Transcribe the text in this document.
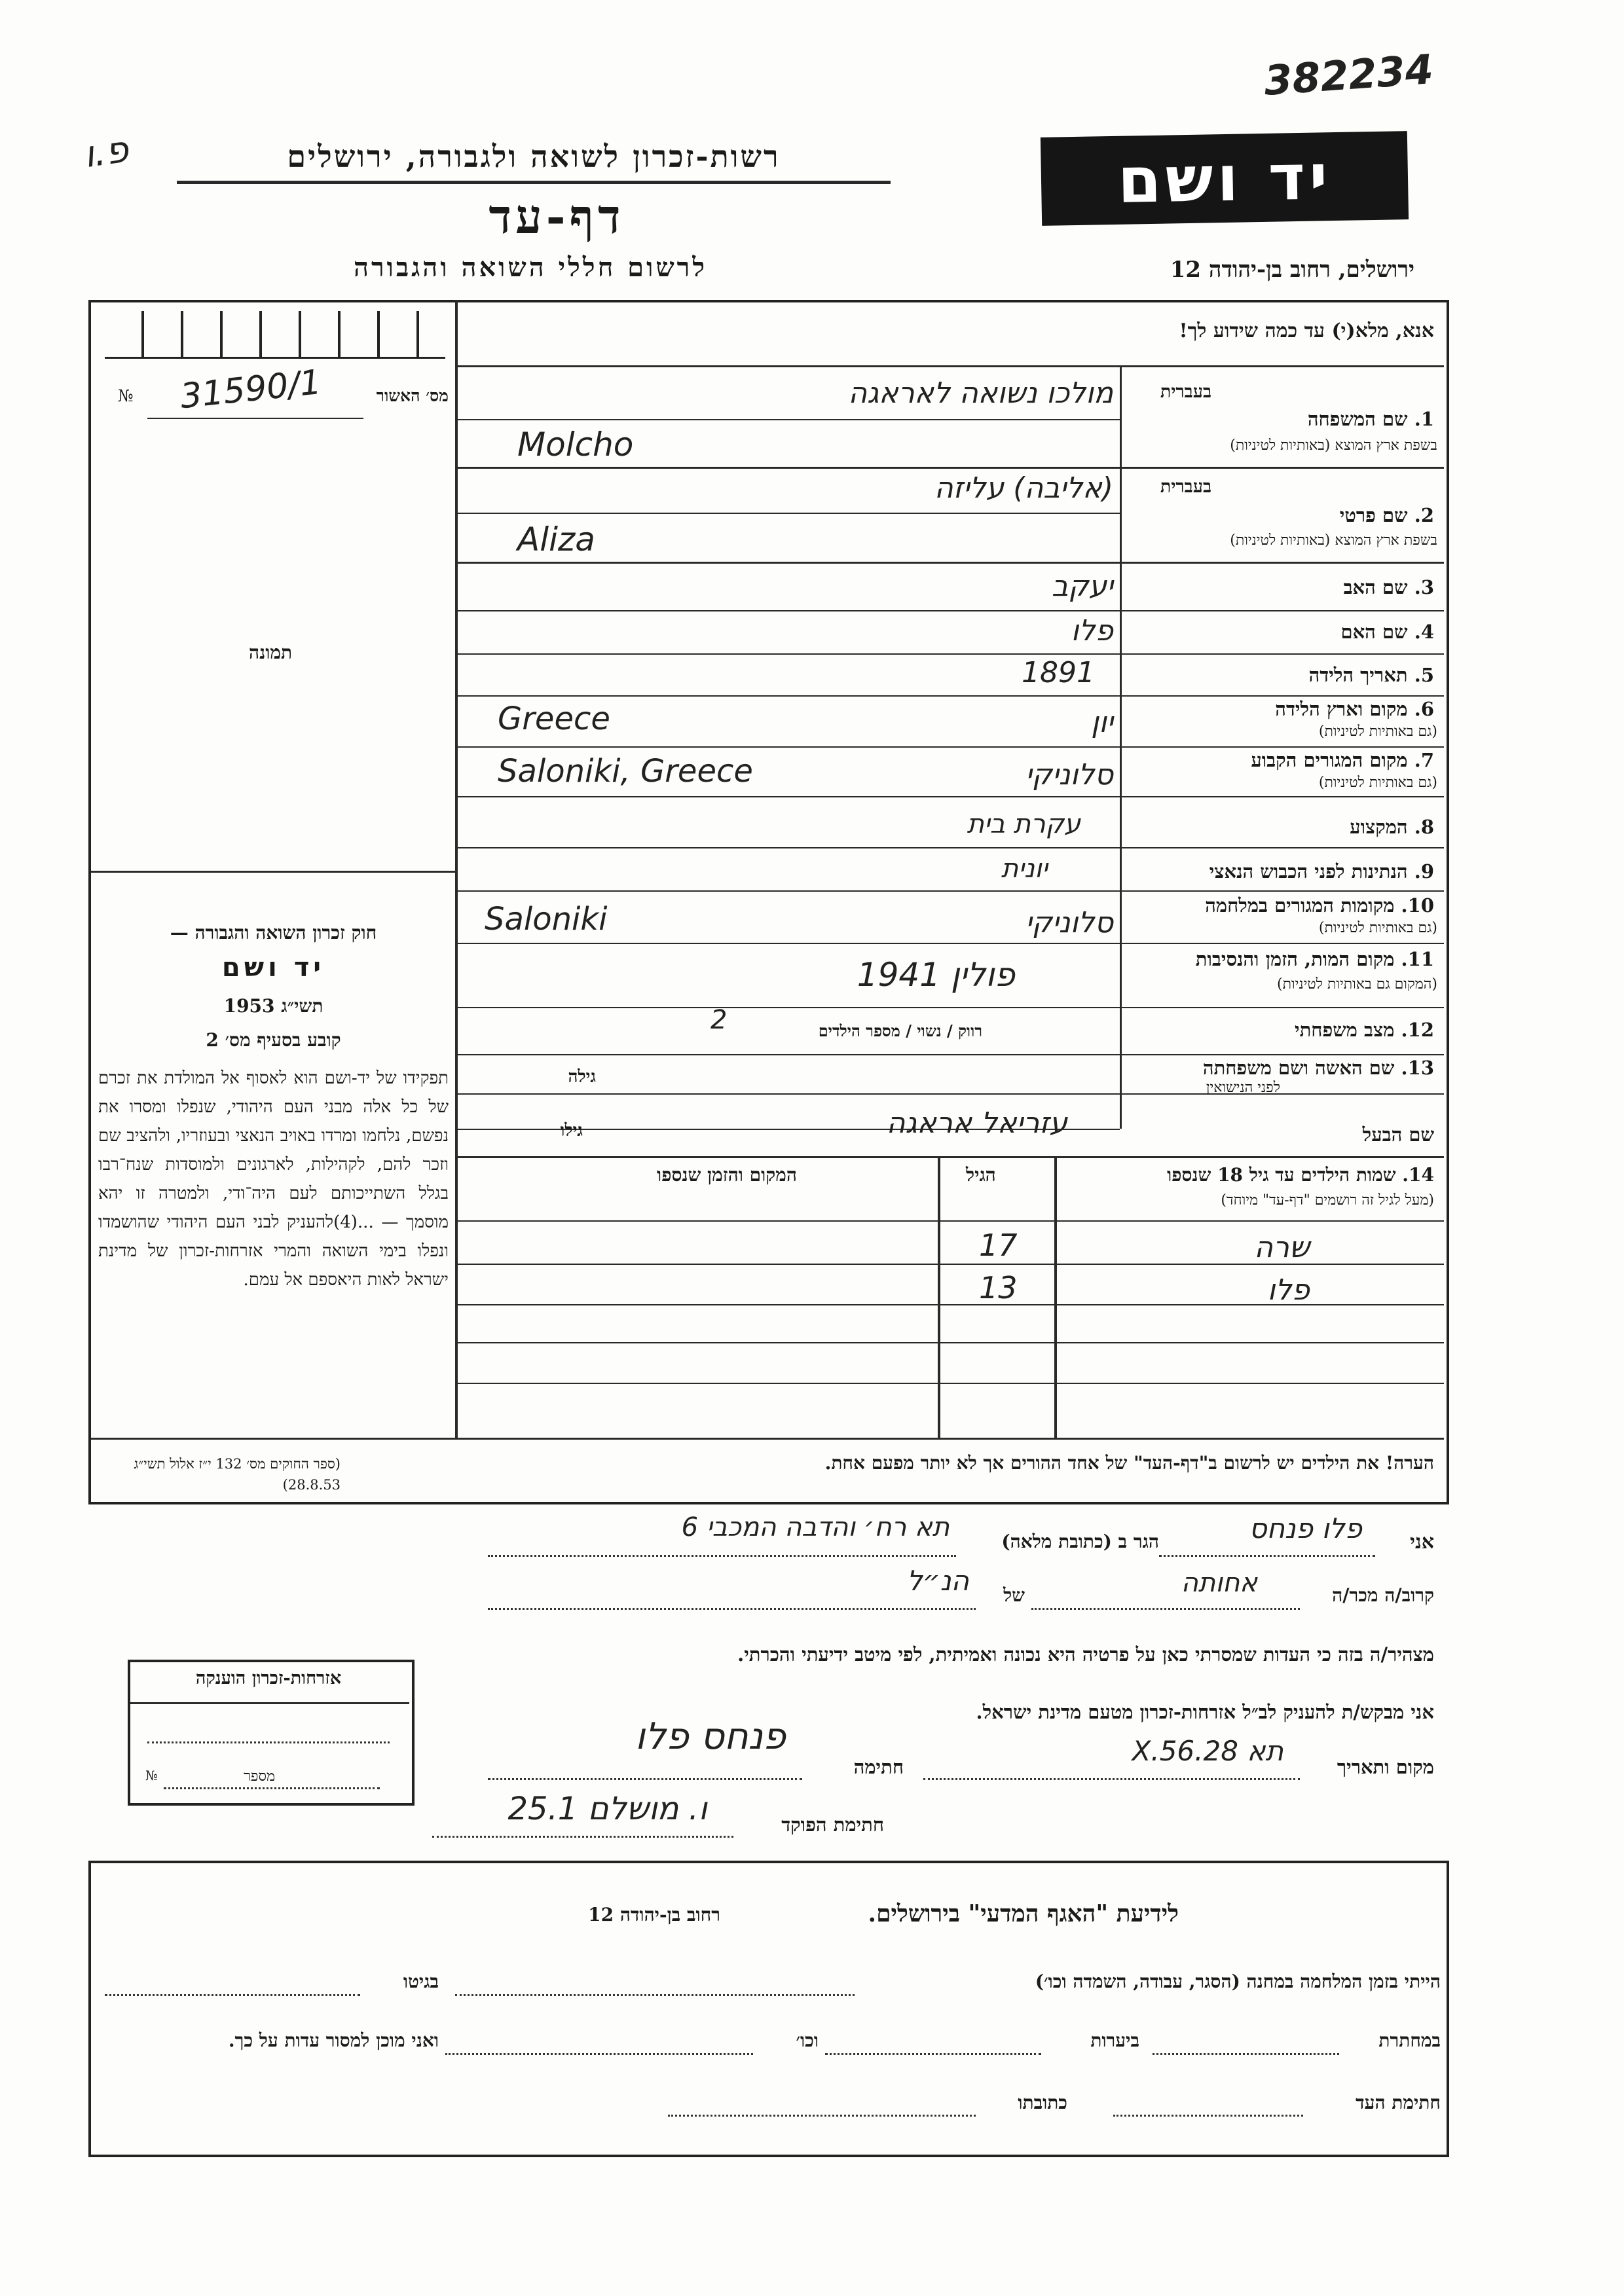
382234
פ.ו	יד ושם
רשות-זכרון לשואה ולגבורה, ירושלים
דף-עד
לרשום חללי השואה והגבורה	ירושלים, רחוב בן-יהודה 12
אנא, מלא(י) עד כמה שידוע לך!
מס׳ האשור
№ 31590/1
תמונה
בעברית
1. שם המשפחה
בשפת ארץ המוצא (באותיות לטיניות)
מולכו נשואה לאראגה
Molcho
בעברית
2. שם פרטי
בשפת ארץ המוצא (באותיות לטיניות)
(אליבה) עליזה
Aliza
3. שם האב
יעקב
4. שם האם
פלו
5. תאריך הלידה
1891
6. מקום וארץ הלידה
(גם באותיות לטיניות)
יון
Greece
7. מקום המגורים הקבוע
(גם באותיות לטיניות)
סלוניקי
Saloniki, Greece
8. המקצוע
עקרת בית
9. הנתינות לפני הכבוש הנאצי
יונית
10. מקומות המגורים במלחמה
(גם באותיות לטיניות)
סלוניקי
Saloniki
11. מקום המות, הזמן והנסיבות
(המקום גם באותיות לטיניות)
פולין 1941
12. מצב משפחתי
רווק / נשוי / מספר הילדים
2
13. שם האשה ושם משפחתה
לפני הנישואין
גילה
שם הבעל
עזריאל אראגה
גילו
14. שמות הילדים עד גיל 18 שנספו
(מעל לגיל זה רושמים "דף-עד" מיוחד)
הגיל
המקום והזמן שנספו
שרה
17
פלו
13
חוק זכרון השואה והגבורה —
יד ושם
תשי״ג 1953
קובע בסעיף מס׳ 2
תפקידו של יד-ושם הוא לאסוף אל המולדת את זכרם של כל אלה מבני העם היהודי, שנפלו ומסרו את נפשם, נלחמו ומרדו באויב הנאצי ובעוזריו, ולהציב שם וזכר להם, לקהילות, לארגונים ולמוסדות שנח־רבו בגלל השתייכותם לעם היה־ודי, ולמטרה זו יהא מוסמך — ...(4)להעניק לבני העם היהודי שהושמדו ונפלו בימי השואה והמרי אזרחות-זכרון של מדינת ישראל לאות היאספם אל עמם.
(ספר החוקים מס׳ 132 י״ז אלול תשי״ג 28.8.53)
הערה! את הילדים יש לרשום ב"דף-העד" של אחד ההורים אך לא יותר מפעם אחת.
אני
פלו פנחס
הגר ב (כתובת מלאה)
תא רח׳ והדבה המכבי 6
קרוב/ה מכר/ה
אחותה
של
הנ״ל
מצהיר/ה בזה כי העדות שמסרתי כאן על פרטיה היא נכונה ואמיתית, לפי מיטב ידיעתי והכרתי.
אני מבקש/ת להעניק לב״ל אזרחות-זכרון מטעם מדינת ישראל.
מקום ותאריך
תא 28.X.56
חתימה
פנחס פלו
חתימת הפוקד
ו. מושלם 25.1
אזרחות-זכרון הוענקה
מספר
№
לידיעת "האגף המדעי" בירושלים.
רחוב בן-יהודה 12
הייתי בזמן המלחמה במחנה (הסגר, עבודה, השמדה וכו׳)
בגיטו
במחתרת
ביערות
וכו׳
ואני מוכן למסור עדות על כך.
חתימת העד
כתובתו
